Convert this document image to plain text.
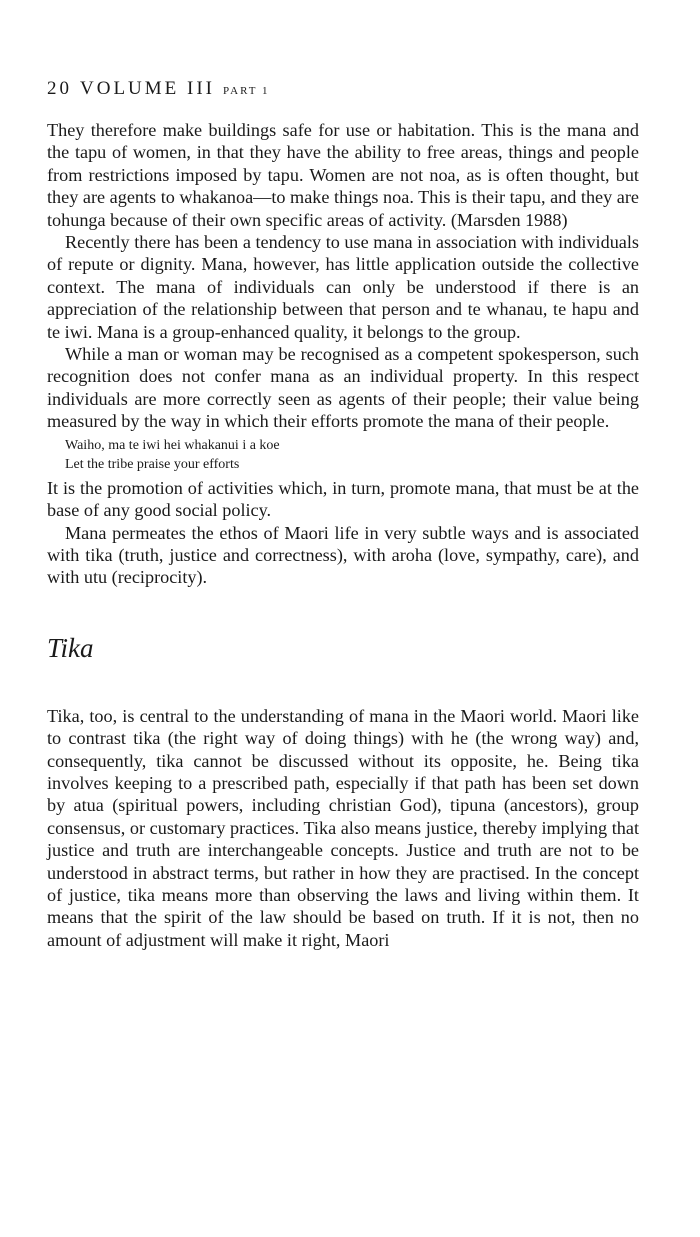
20 VOLUME III PART 1

They therefore make buildings safe for use or habitation. This is the mana and the tapu of women, in that they have the ability to free areas, things and people from restrictions imposed by tapu. Women are not noa, as is often thought, but they are agents to whakanoa—to make things noa. This is their tapu, and they are tohunga because of their own specific areas of activity. (Marsden 1988)

Recently there has been a tendency to use mana in association with individuals of repute or dignity. Mana, however, has little application outside the collective context. The mana of individuals can only be understood if there is an appreciation of the relationship between that person and te whanau, te hapu and te iwi. Mana is a group-enhanced quality, it belongs to the group.

While a man or woman may be recognised as a competent spokesperson, such recognition does not confer mana as an individual property. In this respect individuals are more correctly seen as agents of their people; their value being measured by the way in which their efforts promote the mana of their people.

Waiho, ma te iwi hei whakanui i a koe
Let the tribe praise your efforts

It is the promotion of activities which, in turn, promote mana, that must be at the base of any good social policy.

Mana permeates the ethos of Maori life in very subtle ways and is associated with tika (truth, justice and correctness), with aroha (love, sympathy, care), and with utu (reciprocity).

Tika

Tika, too, is central to the understanding of mana in the Maori world. Maori like to contrast tika (the right way of doing things) with he (the wrong way) and, consequently, tika cannot be discussed without its opposite, he. Being tika involves keeping to a prescribed path, especially if that path has been set down by atua (spiritual powers, including christian God), tipuna (ancestors), group consensus, or customary practices. Tika also means justice, thereby implying that justice and truth are interchangeable concepts. Justice and truth are not to be understood in abstract terms, but rather in how they are practised. In the concept of justice, tika means more than observing the laws and living within them. It means that the spirit of the law should be based on truth. If it is not, then no amount of adjustment will make it right, Maori
